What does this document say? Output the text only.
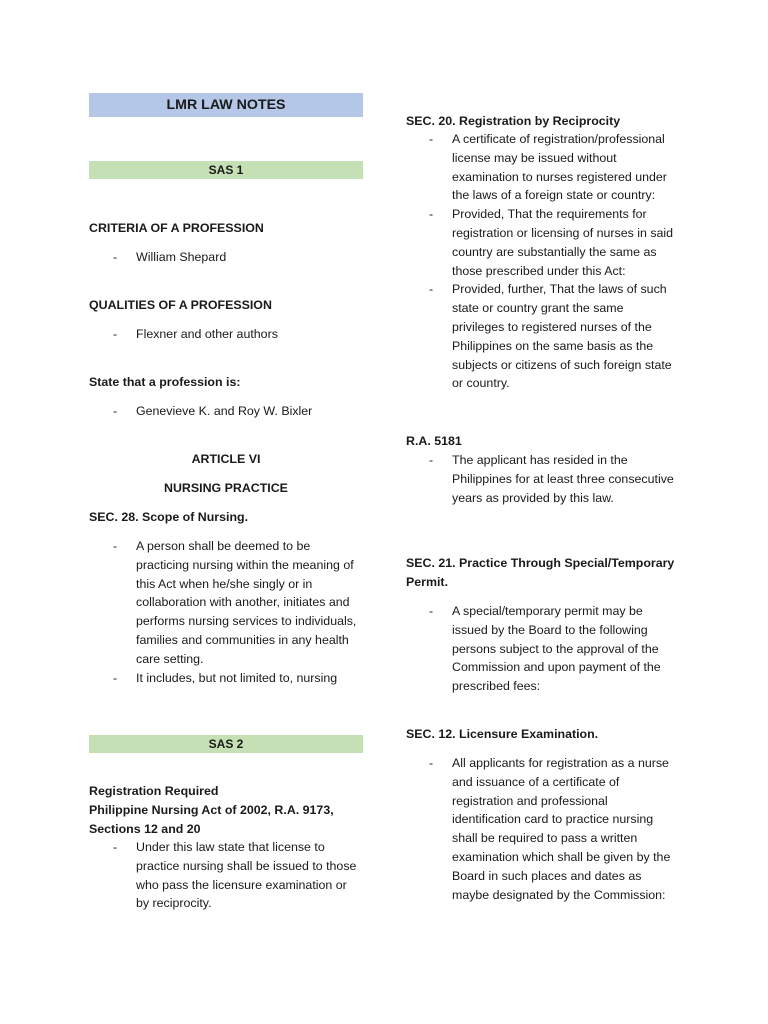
LMR LAW NOTES
SAS 1
CRITERIA OF A PROFESSION
- William Shepard
QUALITIES OF A PROFESSION
- Flexner and other authors
State that a profession is:
- Genevieve K. and Roy W. Bixler
ARTICLE VI
NURSING PRACTICE
SEC. 28. Scope of Nursing.
- A person shall be deemed to be practicing nursing within the meaning of this Act when he/she singly or in collaboration with another, initiates and performs nursing services to individuals, families and communities in any health care setting.
- It includes, but not limited to, nursing
SAS 2
Registration Required
Philippine Nursing Act of 2002, R.A. 9173,
Sections 12 and 20
- Under this law state that license to practice nursing shall be issued to those who pass the licensure examination or by reciprocity.
SEC. 20. Registration by Reciprocity
- A certificate of registration/professional license may be issued without examination to nurses registered under the laws of a foreign state or country:
- Provided, That the requirements for registration or licensing of nurses in said country are substantially the same as those prescribed under this Act:
- Provided, further, That the laws of such state or country grant the same privileges to registered nurses of the Philippines on the same basis as the subjects or citizens of such foreign state or country.
R.A. 5181
- The applicant has resided in the Philippines for at least three consecutive years as provided by this law.
SEC. 21. Practice Through Special/Temporary Permit.
- A special/temporary permit may be issued by the Board to the following persons subject to the approval of the Commission and upon payment of the prescribed fees:
SEC. 12. Licensure Examination.
- All applicants for registration as a nurse and issuance of a certificate of registration and professional identification card to practice nursing shall be required to pass a written examination which shall be given by the Board in such places and dates as maybe designated by the Commission:
